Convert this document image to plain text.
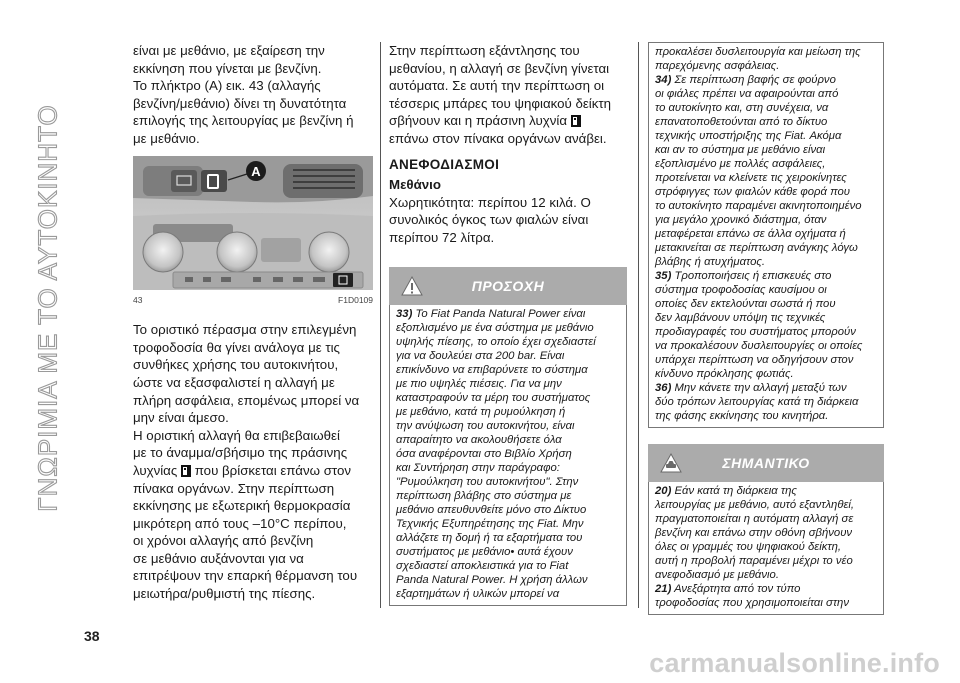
ΓΝΩΡΙΜΙΑ ΜΕ ΤΟ ΑΥΤΟΚΙΝΗΤΟ

είναι με μεθάνιο, με εξαίρεση την
εκκίνηση που γίνεται με βενζίνη.
Το πλήκτρο (A) εικ. 43 (αλλαγής
βενζίνη/μεθάνιο) δίνει τη δυνατότητα
επιλογής της λειτουργίας με βενζίνη ή
με μεθάνιο.

A
43	F1D0109

Το οριστικό πέρασμα στην επιλεγμένη
τροφοδοσία θα γίνει ανάλογα με τις
συνθήκες χρήσης του αυτοκινήτου,
ώστε να εξασφαλιστεί η αλλαγή με
πλήρη ασφάλεια, επομένως μπορεί να
μην είναι άμεσο.

Η οριστική αλλαγή θα επιβεβαιωθεί
με το άναμμα/σβήσιμο της πράσινης
λυχνίας που βρίσκεται επάνω στον
πίνακα οργάνων. Στην περίπτωση
εκκίνησης με εξωτερική θερμοκρασία
μικρότερη από τους –10°C περίπου,
οι χρόνοι αλλαγής από βενζίνη
σε μεθάνιο αυξάνονται για να
επιτρέψουν την επαρκή θέρμανση του
μειωτήρα/ρυθμιστή της πίεσης.

Στην περίπτωση εξάντλησης του
μεθανίου, η αλλαγή σε βενζίνη γίνεται
αυτόματα. Σε αυτή την περίπτωση οι
τέσσερις μπάρες του ψηφιακού δείκτη
σβήνουν και η πράσινη λυχνία
επάνω στον πίνακα οργάνων ανάβει.

ΑΝΕΦΟΔΙΑΣΜΟΙ
Μεθάνιο

Χωρητικότητα: περίπου 12 κιλά. Ο
συνολικός όγκος των φιαλών είναι
περίπου 72 λίτρα.

ΠΡΟΣΟΧΗ
33) Το Fiat Panda Natural Power είναι
εξοπλισμένο με ένα σύστημα με μεθάνιο
υψηλής πίεσης, το οποίο έχει σχεδιαστεί
για να δουλεύει στα 200 bar. Είναι
επικίνδυνο να επιβαρύνετε το σύστημα
με πιο υψηλές πιέσεις. Για να μην
καταστραφούν τα μέρη του συστήματος
με μεθάνιο, κατά τη ρυμούλκηση ή
την ανύψωση του αυτοκινήτου, είναι
απαραίτητο να ακολουθήσετε όλα
όσα αναφέρονται στο Βιβλίο Χρήση
και Συντήρηση στην παράγραφο:
"Ρυμούλκηση του αυτοκινήτου". Στην
περίπτωση βλάβης στο σύστημα με
μεθάνιο απευθυνθείτε μόνο στο Δίκτυο
Τεχνικής Εξυπηρέτησης της Fiat. Μην
αλλάζετε τη δομή ή τα εξαρτήματα του
συστήματος με μεθάνιο• αυτά έχουν
σχεδιαστεί αποκλειστικά για το Fiat
Panda Natural Power. Η χρήση άλλων
εξαρτημάτων ή υλικών μπορεί να
προκαλέσει δυσλειτουργία και μείωση της
παρεχόμενης ασφάλειας.
34) Σε περίπτωση βαφής σε φούρνο
οι φιάλες πρέπει να αφαιρούνται από
το αυτοκίνητο και, στη συνέχεια, να
επανατοποθετούνται από το δίκτυο
τεχνικής υποστήριξης της Fiat. Ακόμα
και αν το σύστημα με μεθάνιο είναι
εξοπλισμένο με πολλές ασφάλειες,
προτείνεται να κλείνετε τις χειροκίνητες
στρόφιγγες των φιαλών κάθε φορά που
το αυτοκίνητο παραμένει ακινητοποιημένο
για μεγάλο χρονικό διάστημα, όταν
μεταφέρεται επάνω σε άλλα οχήματα ή
μετακινείται σε περίπτωση ανάγκης λόγω
βλάβης ή ατυχήματος.
35) Τροποποιήσεις ή επισκευές στο
σύστημα τροφοδοσίας καυσίμου οι
οποίες δεν εκτελούνται σωστά ή που
δεν λαμβάνουν υπόψη τις τεχνικές
προδιαγραφές του συστήματος μπορούν
να προκαλέσουν δυσλειτουργίες οι οποίες
υπάρχει περίπτωση να οδηγήσουν στον
κίνδυνο πρόκλησης φωτιάς.
36) Μην κάνετε την αλλαγή μεταξύ των
δύο τρόπων λειτουργίας κατά τη διάρκεια
της φάσης εκκίνησης του κινητήρα.
ΣΗΜΑΝΤΙΚΟ
20) Εάν κατά τη διάρκεια της
λειτουργίας με μεθάνιο, αυτό εξαντληθεί,
πραγματοποιείται η αυτόματη αλλαγή σε
βενζίνη και επάνω στην οθόνη σβήνουν
όλες οι γραμμές του ψηφιακού δείκτη,
αυτή η προβολή παραμένει μέχρι το νέο
ανεφοδιασμό με μεθάνιο.
21) Ανεξάρτητα από τον τύπο
τροφοδοσίας που χρησιμοποιείται στην
38
carmanualsonline.info
